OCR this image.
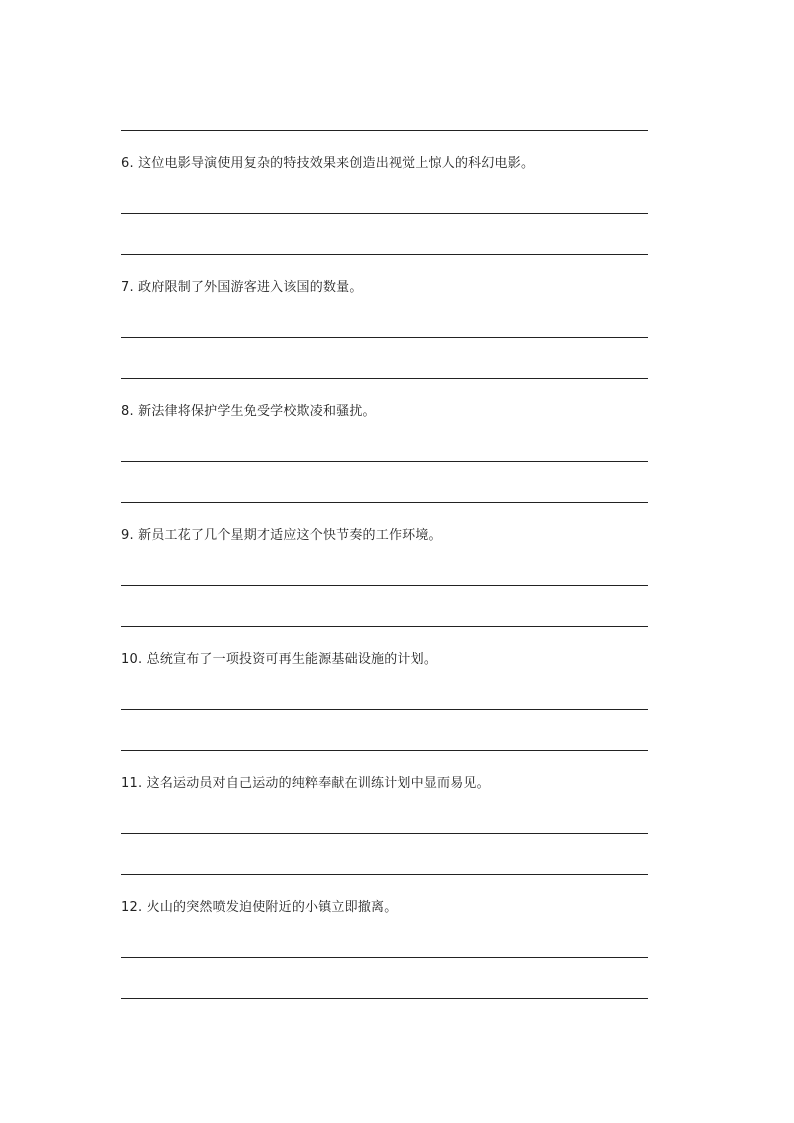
6. 这位电影导演使用复杂的特技效果来创造出视觉上惊人的科幻电影。
7. 政府限制了外国游客进入该国的数量。
8. 新法律将保护学生免受学校欺凌和骚扰。
9. 新员工花了几个星期才适应这个快节奏的工作环境。
10. 总统宣布了一项投资可再生能源基础设施的计划。
11. 这名运动员对自己运动的纯粹奉献在训练计划中显而易见。
12. 火山的突然喷发迫使附近的小镇立即撤离。
